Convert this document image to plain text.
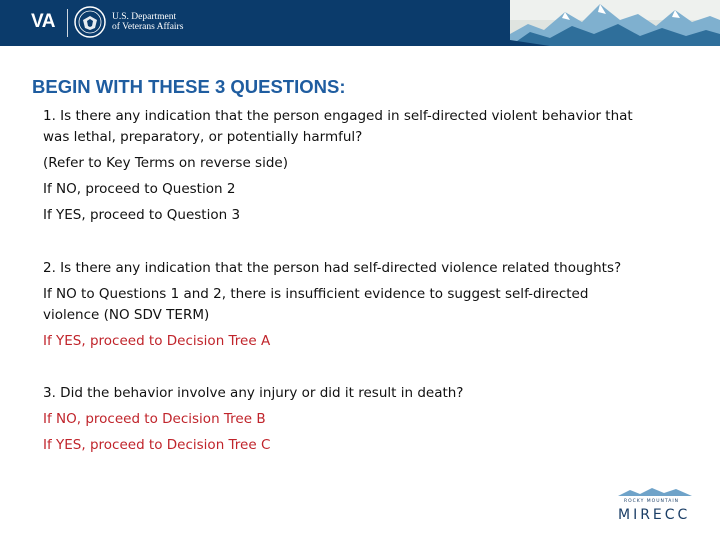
VA	U.S. Department
of Veterans Affairs
BEGIN WITH THESE 3 QUESTIONS:
1. Is there any indication that the person engaged in self-directed violent behavior that
was lethal, preparatory, or potentially harmful?
(Refer to Key Terms on reverse side)
If NO, proceed to Question 2
If YES, proceed to Question 3
2. Is there any indication that the person had self-directed violence related thoughts?
If NO to Questions 1 and 2, there is insufficient evidence to suggest self-directed
violence (NO SDV TERM)
If YES, proceed to Decision Tree A
3. Did the behavior involve any injury or did it result in death?
If NO, proceed to Decision Tree B
If YES, proceed to Decision Tree C
ROCKY MOUNTAIN
MIRECC
